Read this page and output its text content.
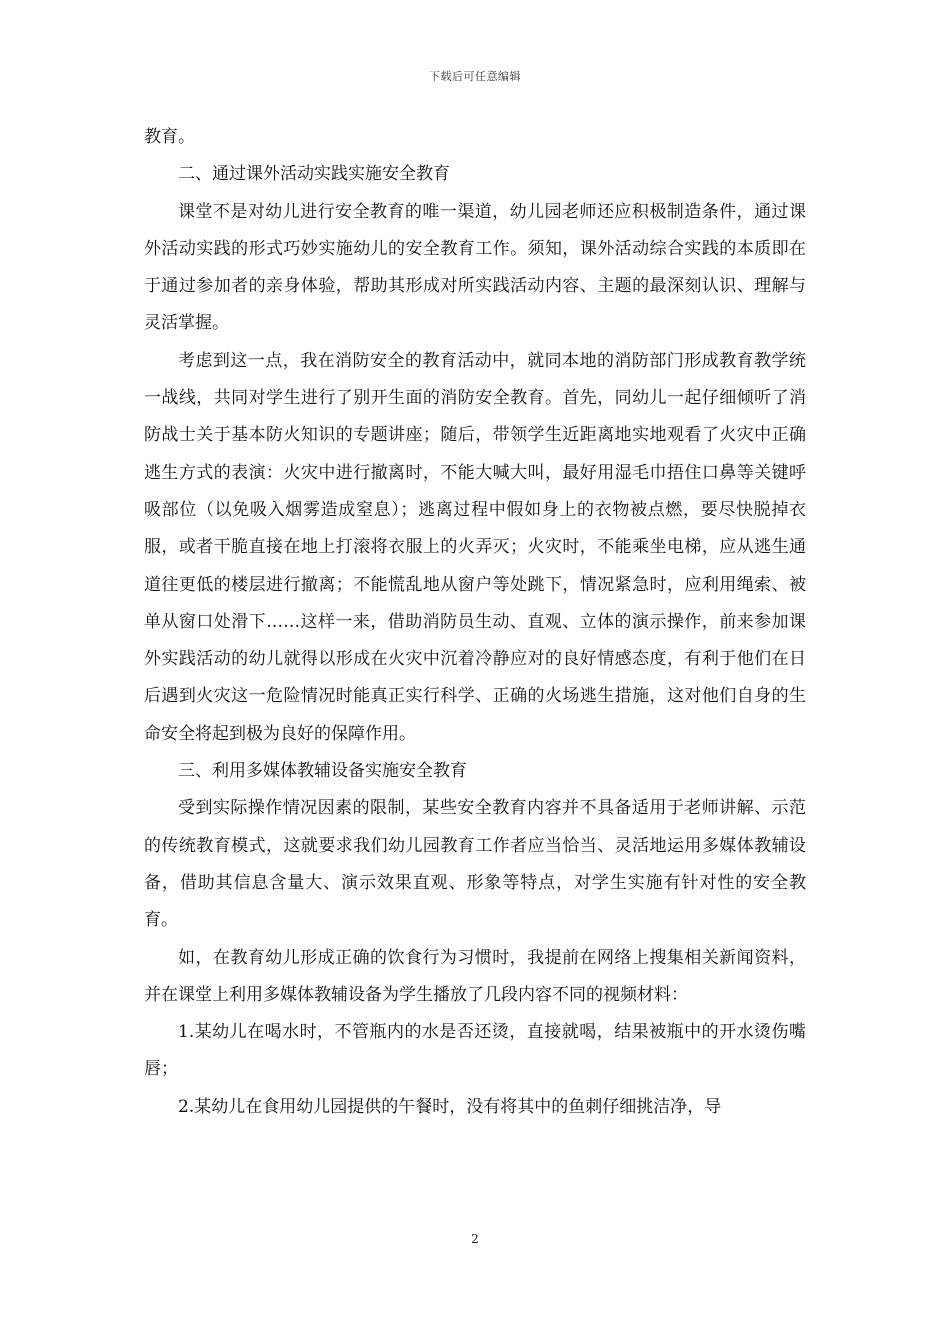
下载后可任意编辑

教育。

二、通过课外活动实践实施安全教育

课堂不是对幼儿进行安全教育的唯一渠道，幼儿园老师还应积极制造条件，通过课外活动实践的形式巧妙实施幼儿的安全教育工作。须知，课外活动综合实践的本质即在于通过参加者的亲身体验，帮助其形成对所实践活动内容、主题的最深刻认识、理解与灵活掌握。

考虑到这一点，我在消防安全的教育活动中，就同本地的消防部门形成教育教学统一战线，共同对学生进行了别开生面的消防安全教育。首先，同幼儿一起仔细倾听了消防战士关于基本防火知识的专题讲座；随后，带领学生近距离地实地观看了火灾中正确逃生方式的表演：火灾中进行撤离时，不能大喊大叫，最好用湿毛巾捂住口鼻等关键呼吸部位（以免吸入烟雾造成窒息）；逃离过程中假如身上的衣物被点燃，要尽快脱掉衣服，或者干脆直接在地上打滚将衣服上的火弄灭；火灾时，不能乘坐电梯，应从逃生通道往更低的楼层进行撤离；不能慌乱地从窗户等处跳下，情况紧急时，应利用绳索、被单从窗口处滑下……这样一来，借助消防员生动、直观、立体的演示操作，前来参加课外实践活动的幼儿就得以形成在火灾中沉着冷静应对的良好情感态度，有利于他们在日后遇到火灾这一危险情况时能真正实行科学、正确的火场逃生措施，这对他们自身的生命安全将起到极为良好的保障作用。

三、利用多媒体教辅设备实施安全教育

受到实际操作情况因素的限制，某些安全教育内容并不具备适用于老师讲解、示范的传统教育模式，这就要求我们幼儿园教育工作者应当恰当、灵活地运用多媒体教辅设备，借助其信息含量大、演示效果直观、形象等特点，对学生实施有针对性的安全教育。

如，在教育幼儿形成正确的饮食行为习惯时，我提前在网络上搜集相关新闻资料，并在课堂上利用多媒体教辅设备为学生播放了几段内容不同的视频材料：

1.某幼儿在喝水时，不管瓶内的水是否还烫，直接就喝，结果被瓶中的开水烫伤嘴唇；

2.某幼儿在食用幼儿园提供的午餐时，没有将其中的鱼刺仔细挑洁净，导

2
